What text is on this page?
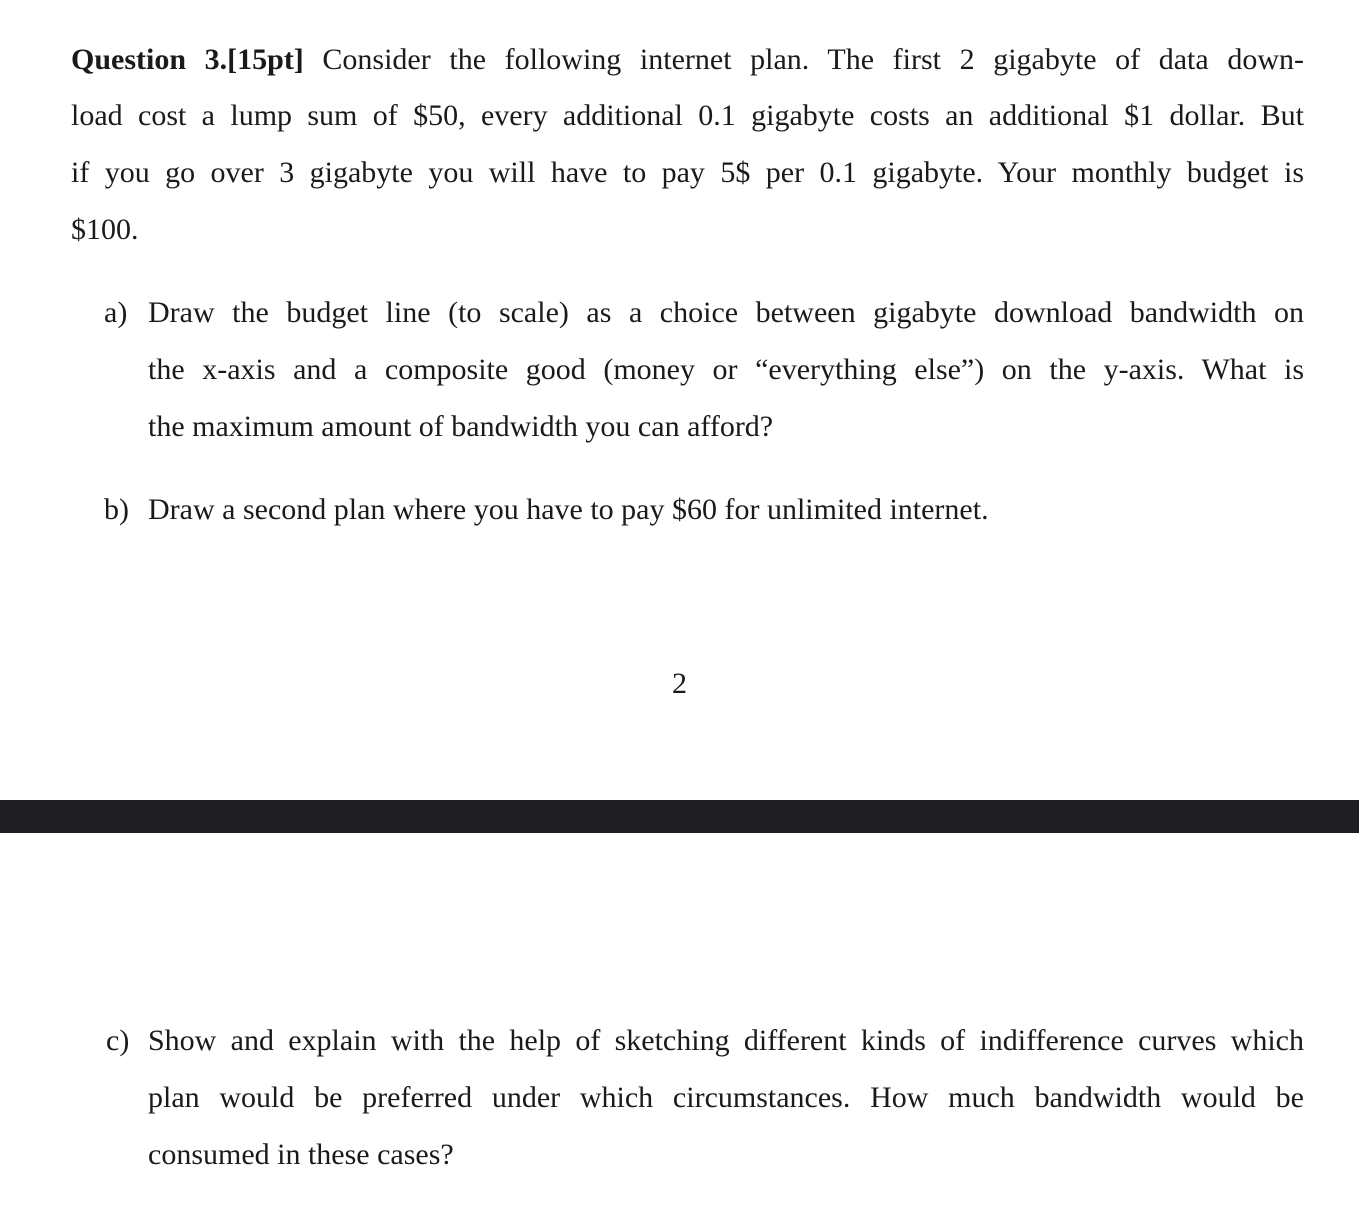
Question 3.[15pt] Consider the following internet plan. The first 2 gigabyte of data down-
load cost a lump sum of $50, every additional 0.1 gigabyte costs an additional $1 dollar. But
if you go over 3 gigabyte you will have to pay 5$ per 0.1 gigabyte. Your monthly budget is
$100.
a) Draw the budget line (to scale) as a choice between gigabyte download bandwidth on
the x-axis and a composite good (money or “everything else”) on the y-axis. What is
the maximum amount of bandwidth you can afford?
b) Draw a second plan where you have to pay $60 for unlimited internet.
2
c) Show and explain with the help of sketching different kinds of indifference curves which
plan would be preferred under which circumstances. How much bandwidth would be
consumed in these cases?
